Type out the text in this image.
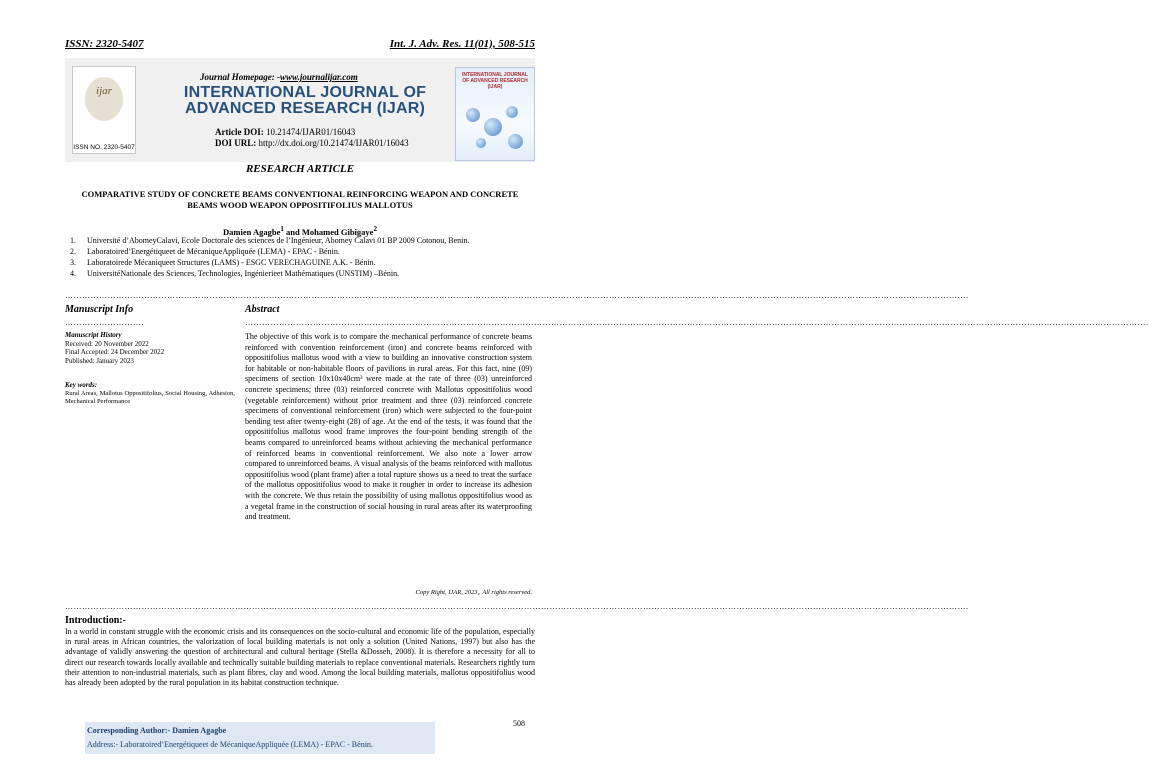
ISSN: 2320-5407	Int. J. Adv. Res. 11(01), 508-515
ijar
ISSN NO. 2320-5407
Journal Homepage: -www.journalijar.com
INTERNATIONAL JOURNAL OF
ADVANCED RESEARCH (IJAR)
Article DOI: 10.21474/IJAR01/16043
DOI URL: http://dx.doi.org/10.21474/IJAR01/16043
INTERNATIONAL JOURNAL OF ADVANCED RESEARCH (IJAR)
RESEARCH ARTICLE
COMPARATIVE STUDY OF CONCRETE BEAMS CONVENTIONAL REINFORCING WEAPON AND CONCRETE BEAMS WOOD WEAPON OPPOSITIFOLIUS MALLOTUS
Damien Agagbe$^1$ and Mohamed Gibigaye$^2$
1.	Université d’AbomeyCalavi, Ecole Doctorale des sciences de l’Ingénieur, Abomey Calavi 01 BP 2009 Cotonou, Benin.
2.	Laboratoired’Energétiqueet de MécaniqueAppliquée (LEMA) - EPAC - Bénin.
3.	Laboratoirede Mécaniqueet Structures (LAMS) - ESGC VERECHAGUINE A.K. - Bénin.
4.	UniversitéNationale des Sciences, Technologies, Ingénierieet Mathématiques (UNSTIM) –Bénin.
………………………………………………………………………………………………………………………………………………………………………………………………………………………………………………………………………………………….
Manuscript Info
……………………….
Manuscript History
Received: 20 November 2022
Final Accepted: 24 December 2022
Published: January 2023
Key words:
Rural Areas, Mallotus Oppositifolius, Social Housing, Adhesion, Mechanical Performance
Abstract
………………………………………………………………………………………………………………………………………………………………………………………………………………………………………………………………………………………….

The objective of this work is to compare the mechanical performance of concrete beams reinforced with convention reinforcement (iron) and concrete beams reinforced with oppositifolius mallotus wood with a view to building an innovative construction system for habitable or non-habitable floors of pavilions in rural areas. For this fact, nine (09) specimens of section 10x10x40cm³ were made at the rate of three (03) unreinforced concrete specimens; three (03) reinforced concrete with Mallotus oppositifolius wood (vegetable reinforcement) without prior treatment and three (03) reinforced concrete specimens of conventional reinforcement (iron) which were subjected to the four-point bending test after twenty-eight (28) of age. At the end of the tests, it was found that the oppositifolius mallotus wood frame improves the four-point bending strength of the beams compared to unreinforced beams without achieving the mechanical performance of reinforced beams in conventional reinforcement. We also note a lower arrow compared to unreinforced beams. A visual analysis of the beams reinforced with mallotus oppositifolius wood (plant frame) after a total rupture shows us a need to treat the surface of the mallotus oppositifolius wood to make it rougher in order to increase its adhesion with the concrete. We thus retain the possibility of using mallotus oppositifolius wood as a vegetal frame in the construction of social housing in rural areas after its waterproofing and treatment.

Copy Right, IJAR, 2023,. All rights reserved.
………………………………………………………………………………………………………………………………………………………………………………………………………………………………………………………………………………………….
Introduction:-

In a world in constant struggle with the economic crisis and its consequences on the socio-cultural and economic life of the population, especially in rural areas in African countries, the valorization of local building materials is not only a solution (United Nations, 1997) but also has the advantage of validly answering the question of architectural and cultural heritage (Stella &Dosseh, 2008). It is therefore a necessity for all to direct our research towards locally available and technically suitable building materials to replace conventional materials. Researchers rightly turn their attention to non-industrial materials, such as plant fibres, clay and wood. Among the local building materials, mallotus oppositifolius wood has already been adopted by the rural population in its habitat construction technique.

508
Corresponding Author:- Damien Agagbe
Address:- Laboratoired’Energétiqueet de MécaniqueAppliquée (LEMA) - EPAC - Bénin.
